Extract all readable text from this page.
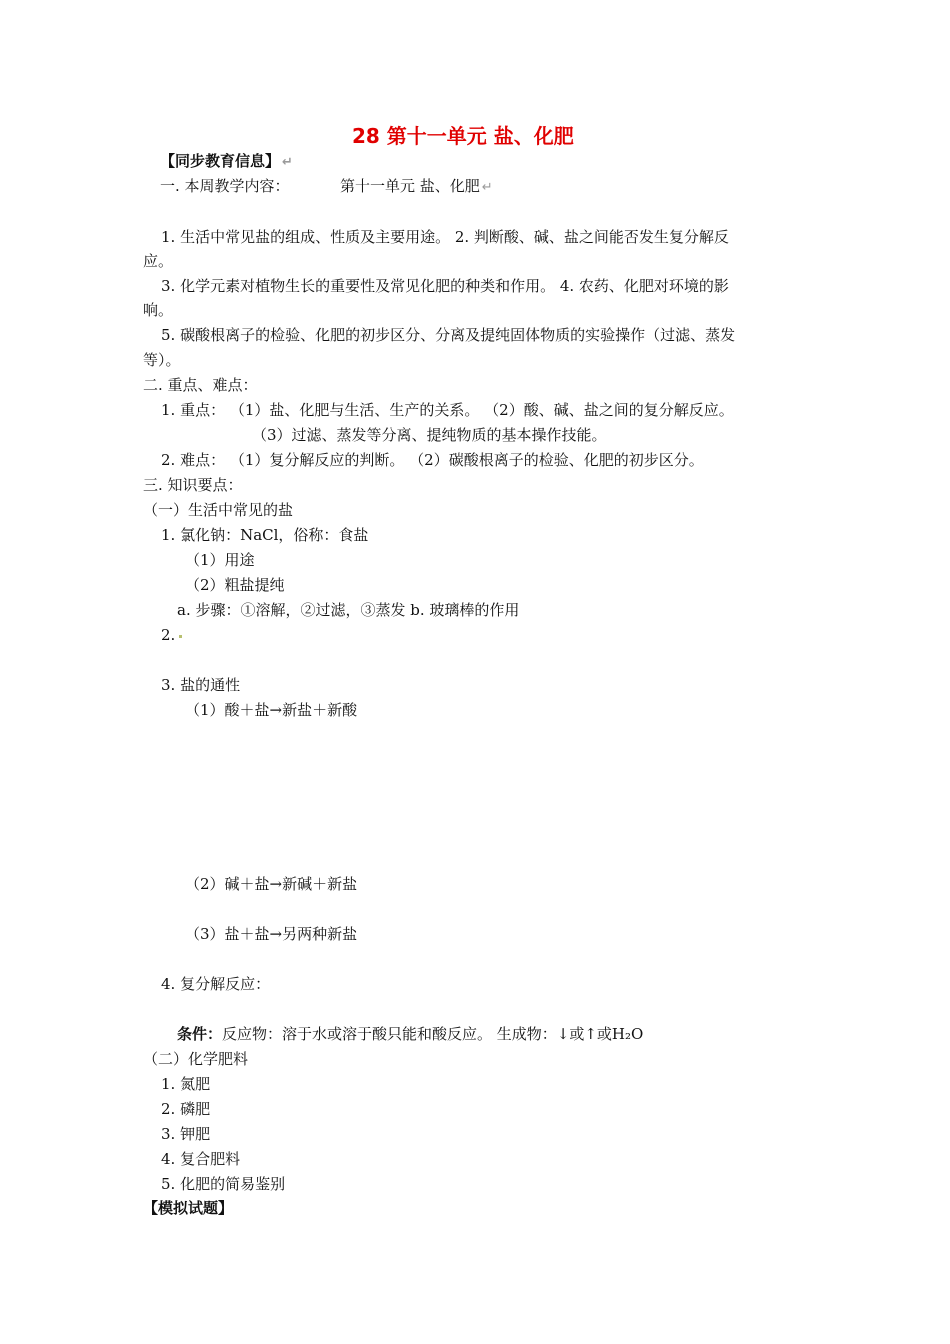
28 第十一单元 盐、化肥
【同步教育信息】 ↵
一. 本周教学内容：	第十一单元 盐、化肥 ↵
1. 生活中常见盐的组成、性质及主要用途。 2. 判断酸、碱、盐之间能否发生复分解反
应。
3. 化学元素对植物生长的重要性及常见化肥的种类和作用。 4. 农药、化肥对环境的影
响。
5. 碳酸根离子的检验、化肥的初步区分、分离及提纯固体物质的实验操作（过滤、蒸发
等）。
二. 重点、难点：
1. 重点： （1）盐、化肥与生活、生产的关系。 （2）酸、碱、盐之间的复分解反应。
（3）过滤、蒸发等分离、提纯物质的基本操作技能。
2. 难点： （1）复分解反应的判断。 （2）碳酸根离子的检验、化肥的初步区分。
三. 知识要点：
（一）生活中常见的盐
1. 氯化钠：NaCl，俗称：食盐
（1）用途
（2）粗盐提纯
a. 步骤：①溶解，②过滤，③蒸发 b. 玻璃棒的作用
2.
3. 盐的通性
（1）酸＋盐→新盐＋新酸
（2）碱＋盐→新碱＋新盐
（3）盐＋盐→另两种新盐
4. 复分解反应：
条件：反应物：溶于水或溶于酸只能和酸反应。 生成物：↓或↑或H₂O
（二）化学肥料
1. 氮肥
2. 磷肥
3. 钾肥
4. 复合肥料
5. 化肥的简易鉴别
【模拟试题】
